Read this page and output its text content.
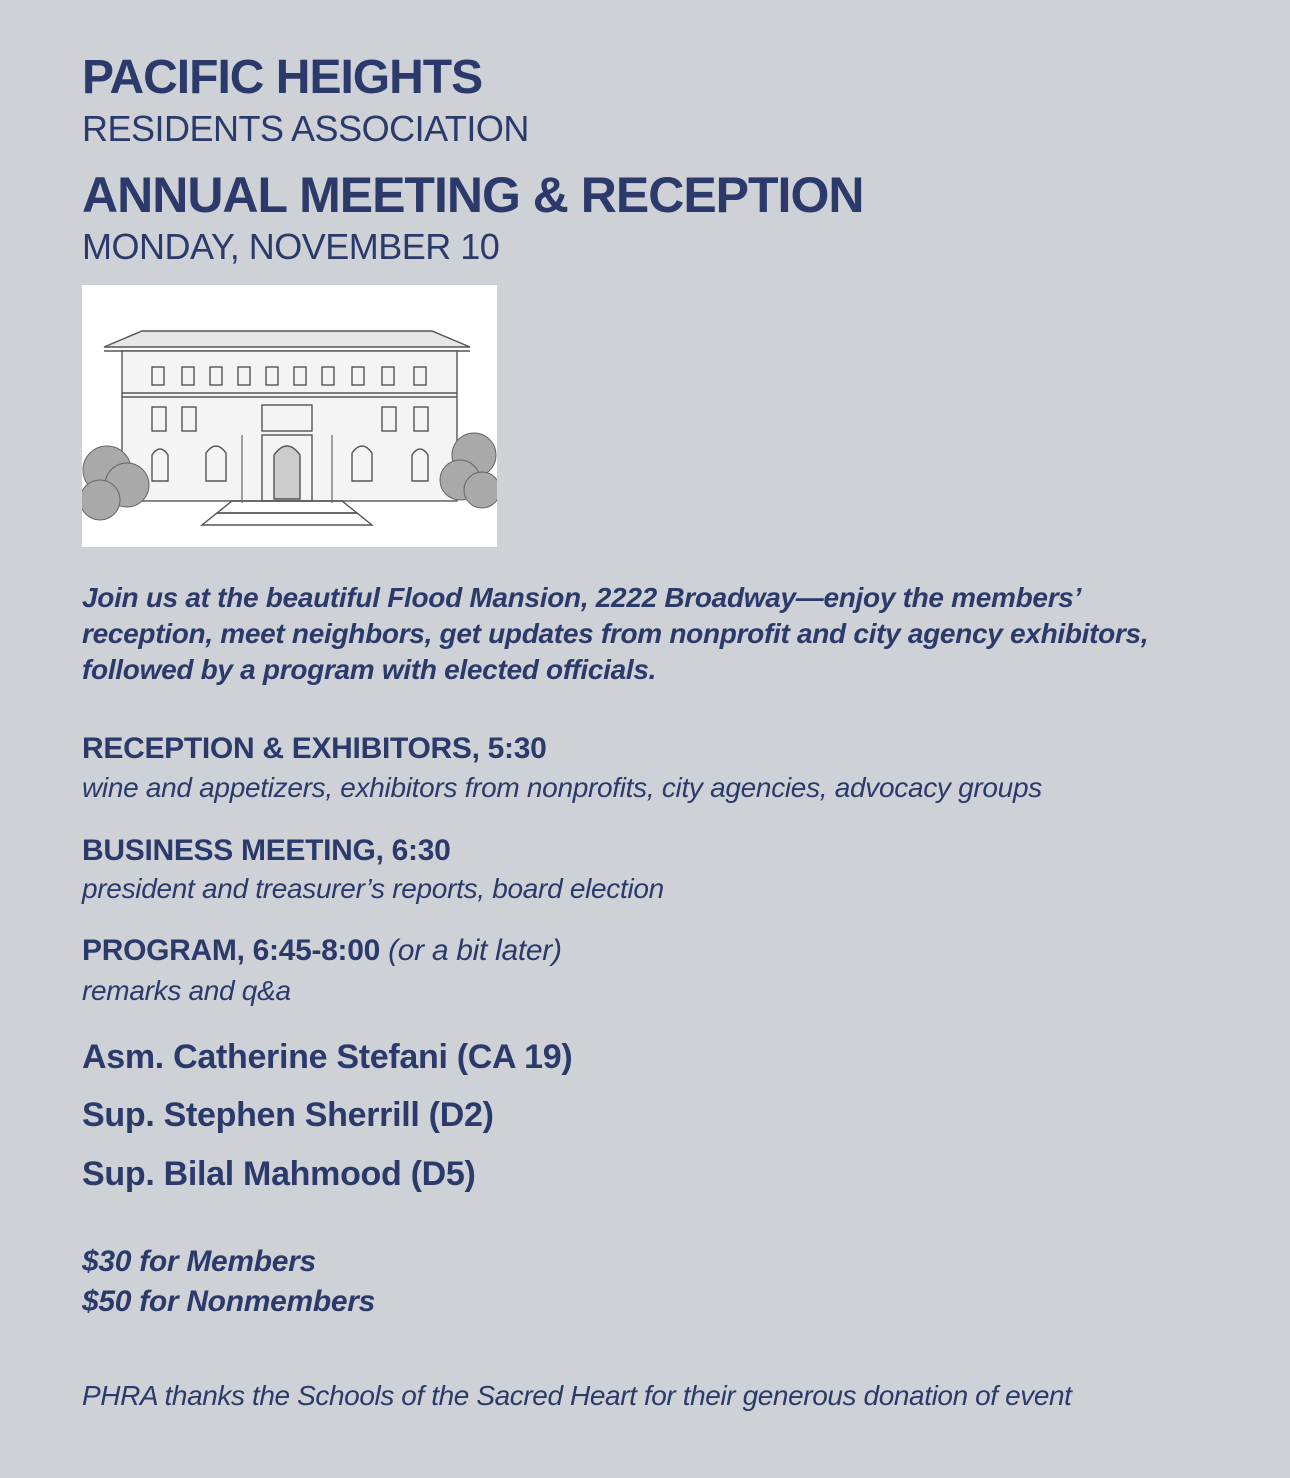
PACIFIC HEIGHTS
RESIDENTS ASSOCIATION
ANNUAL MEETING & RECEPTION
MONDAY, NOVEMBER 10
Join us at the beautiful Flood Mansion, 2222 Broadway—enjoy the members’ reception, meet neighbors, get updates from nonprofit and city agency exhibitors, followed by a program with elected officials.
RECEPTION & EXHIBITORS, 5:30
wine and appetizers, exhibitors from nonprofits, city agencies, advocacy groups
BUSINESS MEETING, 6:30
president and treasurer’s reports, board election
PROGRAM, 6:45-8:00 (or a bit later)
remarks and q&a
Asm. Catherine Stefani (CA 19)
Sup. Stephen Sherrill (D2)
Sup. Bilal Mahmood (D5)
$30 for Members
$50 for Nonmembers
PHRA thanks the Schools of the Sacred Heart for their generous donation of event
